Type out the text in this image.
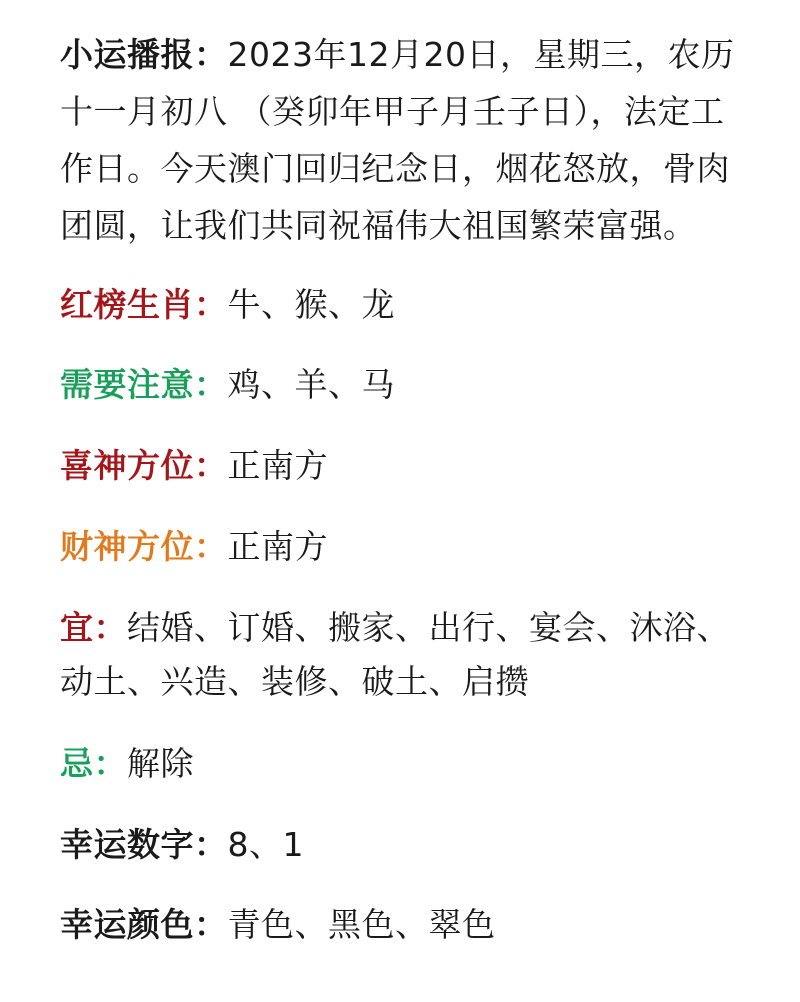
小运播报：2023年12月20日，星期三，农历十一月初八 （癸卯年甲子月壬子日），法定工作日。今天澳门回归纪念日，烟花怒放，骨肉团圆，让我们共同祝福伟大祖国繁荣富强。

红榜生肖：牛、猴、龙

需要注意：鸡、羊、马

喜神方位：正南方

财神方位：正南方

宜：结婚、订婚、搬家、出行、宴会、沐浴、动土、兴造、装修、破土、启攒

忌：解除

幸运数字：8、1

幸运颜色：青色、黑色、翠色
